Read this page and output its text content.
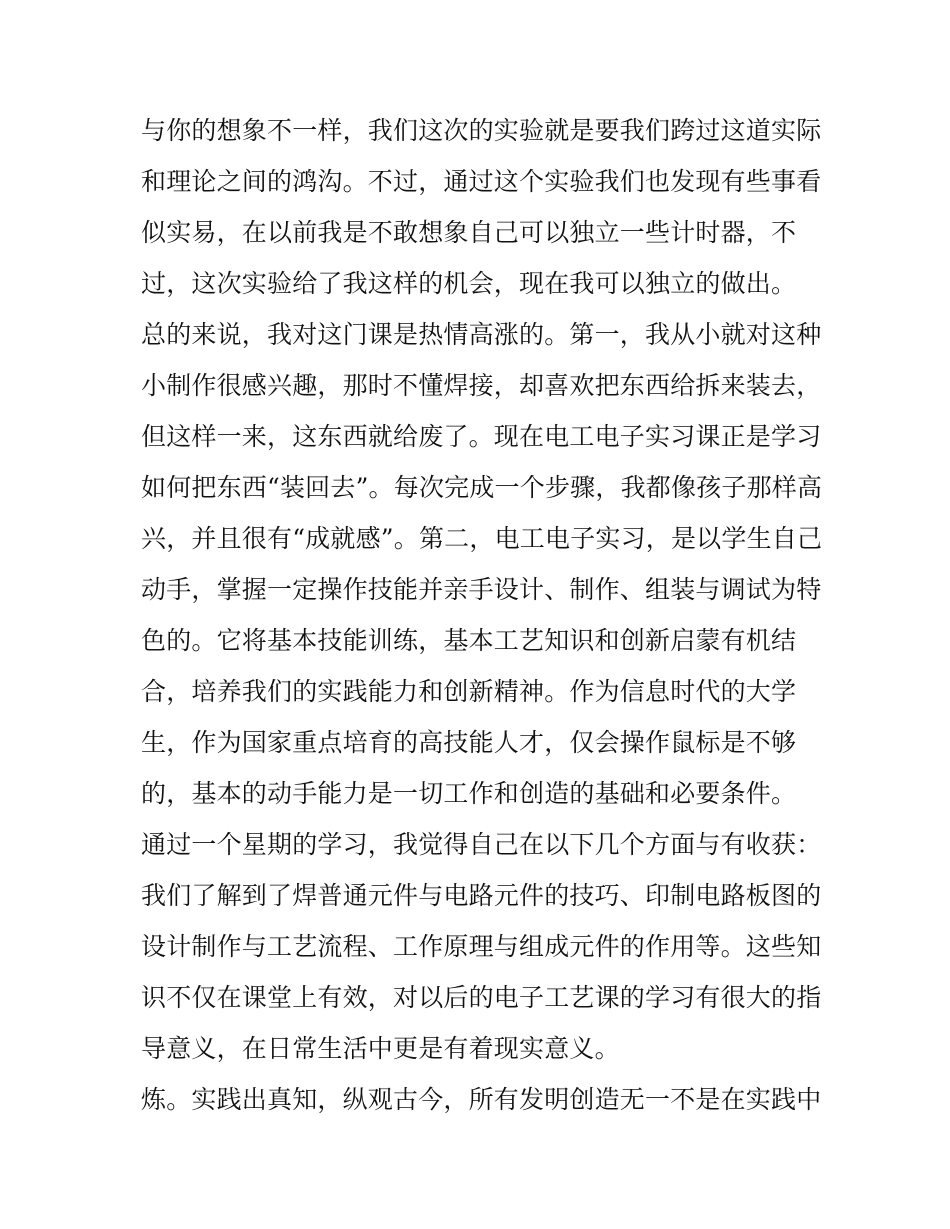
与你的想象不一样，我们这次的实验就是要我们跨过这道实际
和理论之间的鸿沟。不过，通过这个实验我们也发现有些事看
似实易，在以前我是不敢想象自己可以独立一些计时器，不
过，这次实验给了我这样的机会，现在我可以独立的做出。
总的来说，我对这门课是热情高涨的。第一，我从小就对这种
小制作很感兴趣，那时不懂焊接，却喜欢把东西给拆来装去，
但这样一来，这东西就给废了。现在电工电子实习课正是学习
如何把东西“装回去”。每次完成一个步骤，我都像孩子那样高
兴，并且很有“成就感”。第二，电工电子实习，是以学生自己
动手，掌握一定操作技能并亲手设计、制作、组装与调试为特
色的。它将基本技能训练，基本工艺知识和创新启蒙有机结
合，培养我们的实践能力和创新精神。作为信息时代的大学
生，作为国家重点培育的高技能人才，仅会操作鼠标是不够
的，基本的动手能力是一切工作和创造的基础和必要条件。
通过一个星期的学习，我觉得自己在以下几个方面与有收获：
我们了解到了焊普通元件与电路元件的技巧、印制电路板图的
设计制作与工艺流程、工作原理与组成元件的作用等。这些知
识不仅在课堂上有效，对以后的电子工艺课的学习有很大的指
导意义，在日常生活中更是有着现实意义。
炼。实践出真知，纵观古今，所有发明创造无一不是在实践中
